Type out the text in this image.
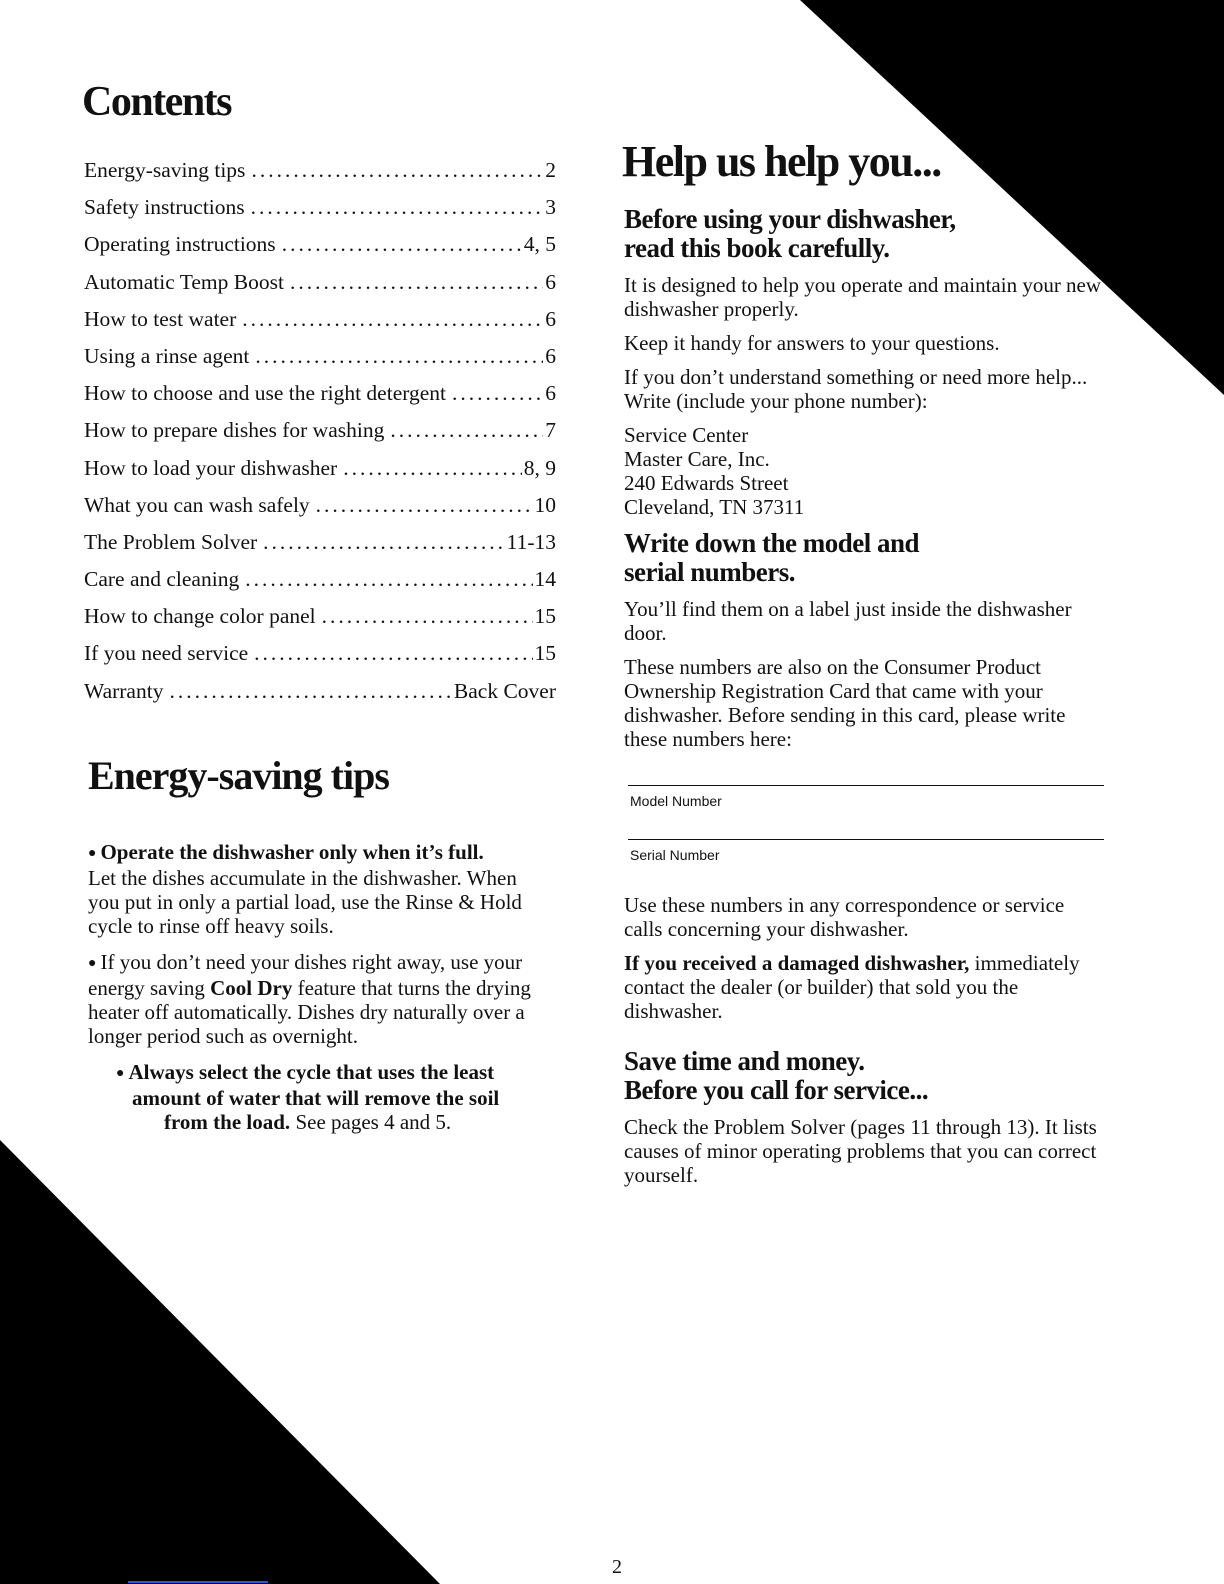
Contents
Energy-saving tips .....	2
Safety instructions .....	3
Operating instructions .....	4, 5
Automatic Temp Boost .....	6
How to test water .....	6
Using a rinse agent .....	6
How to choose and use the right detergent .....	6
How to prepare dishes for washing .....	7
How to load your dishwasher .....	8, 9
What you can wash safely .....	10
The Problem Solver .....	11-13
Care and cleaning .....	14
How to change color panel .....	15
If you need service .....	15
Warranty .....	Back Cover
Energy-saving tips

● Operate the dishwasher only when it’s full.
Let the dishes accumulate in the dishwasher. When you put in only a partial load, use the Rinse & Hold cycle to rinse off heavy soils.

● If you don’t need your dishes right away, use your energy saving Cool Dry feature that turns the drying heater off automatically. Dishes dry naturally over a longer period such as overnight.

● Always select the cycle that uses the least
amount of water that will remove the soil
from the load. See pages 4 and 5.

Help us help you...
Before using your dishwasher,
read this book carefully.

It is designed to help you operate and maintain your new dishwasher properly.

Keep it handy for answers to your questions.

If you don’t understand something or need more help...
Write (include your phone number):

Service Center
Master Care, Inc.
240 Edwards Street
Cleveland, TN 37311

Write down the model and
serial numbers.

You’ll find them on a label just inside the dishwasher door.

These numbers are also on the Consumer Product Ownership Registration Card that came with your dishwasher. Before sending in this card, please write these numbers here:

Model Number
Serial Number

Use these numbers in any correspondence or service calls concerning your dishwasher.

If you received a damaged dishwasher, immediately contact the dealer (or builder) that sold you the dishwasher.

Save time and money.
Before you call for service...

Check the Problem Solver (pages 11 through 13). It lists causes of minor operating problems that you can correct yourself.

2
